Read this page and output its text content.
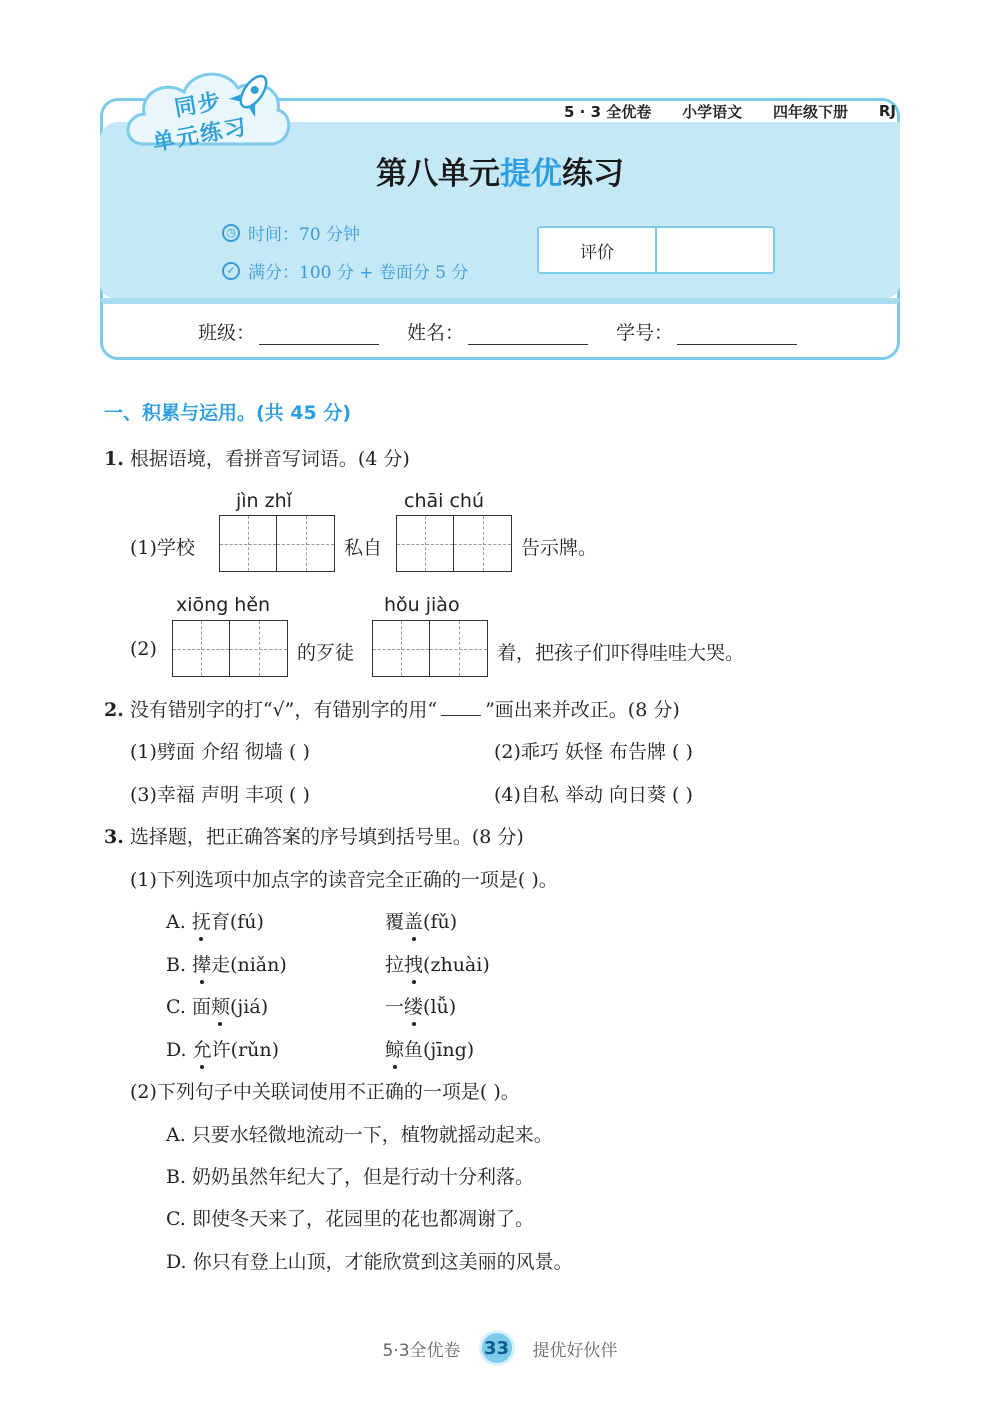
5 · 3 全优卷 小学语文 四年级下册 RJ
同步
单元练习
第八单元提优练习
◷ 时间：70 分钟
✓ 满分：100 分 + 卷面分 5 分
评价
班级：	姓名：	学号：
一、积累与运用。(共 45 分)
1. 根据语境，看拼音写词语。(4 分)
jìn zhǐ	chāi chú
(1)学校	私自	告示牌。
xiōng hěn	hǒu jiào
(2)	的歹徒	着，把孩子们吓得哇哇大哭。
2. 没有错别字的打“√”，有错别字的用“	”画出来并改正。(8 分)
(1)劈面 介绍 彻墙 ( )	(2)乖巧 妖怪 布告牌 ( )
(3)幸福 声明 丰项 ( )	(4)自私 举动 向日葵 ( )
3. 选择题，把正确答案的序号填到括号里。(8 分)
(1)下列选项中加点字的读音完全正确的一项是( )。
A. 抚育(fú)	覆盖(fǔ)
B. 撵走(niǎn)	拉拽(zhuài)
C. 面颊(jiá)	一缕(lǚ)
D. 允许(rǔn)	鲸鱼(jīng)
(2)下列句子中关联词使用不正确的一项是( )。
A. 只要水轻微地流动一下，植物就摇动起来。
B. 奶奶虽然年纪大了，但是行动十分利落。
C. 即使冬天来了，花园里的花也都凋谢了。
D. 你只有登上山顶，才能欣赏到这美丽的风景。
5·3全优卷	33	提优好伙伴
